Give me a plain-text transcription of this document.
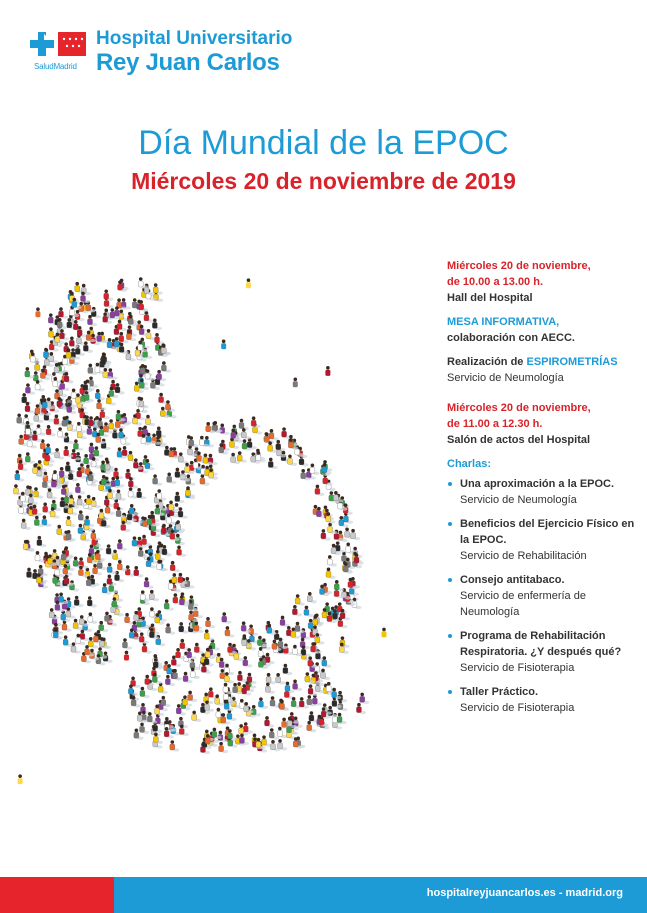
SaludMadrid
Hospital Universitario
Rey Juan Carlos
Día Mundial de la EPOC
Miércoles 20 de noviembre de 2019
Miércoles 20 de noviembre,
de 10.00 a 13.00 h.
Hall del Hospital
MESA INFORMATIVA,
colaboración con AECC.
Realización de ESPIROMETRÍAS
Servicio de Neumología
Miércoles 20 de noviembre,
de 11.00 a 12.30 h.
Salón de actos del Hospital
Charlas:
Una aproximación a la EPOC.
Servicio de Neumología
Beneficios del Ejercicio Físico en la EPOC.
Servicio de Rehabilitación
Consejo antitabaco.
Servicio de enfermería de Neumología
Programa de Rehabilitación Respiratoria. ¿Y después qué?
Servicio de Fisioterapia
Taller Práctico.
Servicio de Fisioterapia
hospitalreyjuancarlos.es - madrid.org
